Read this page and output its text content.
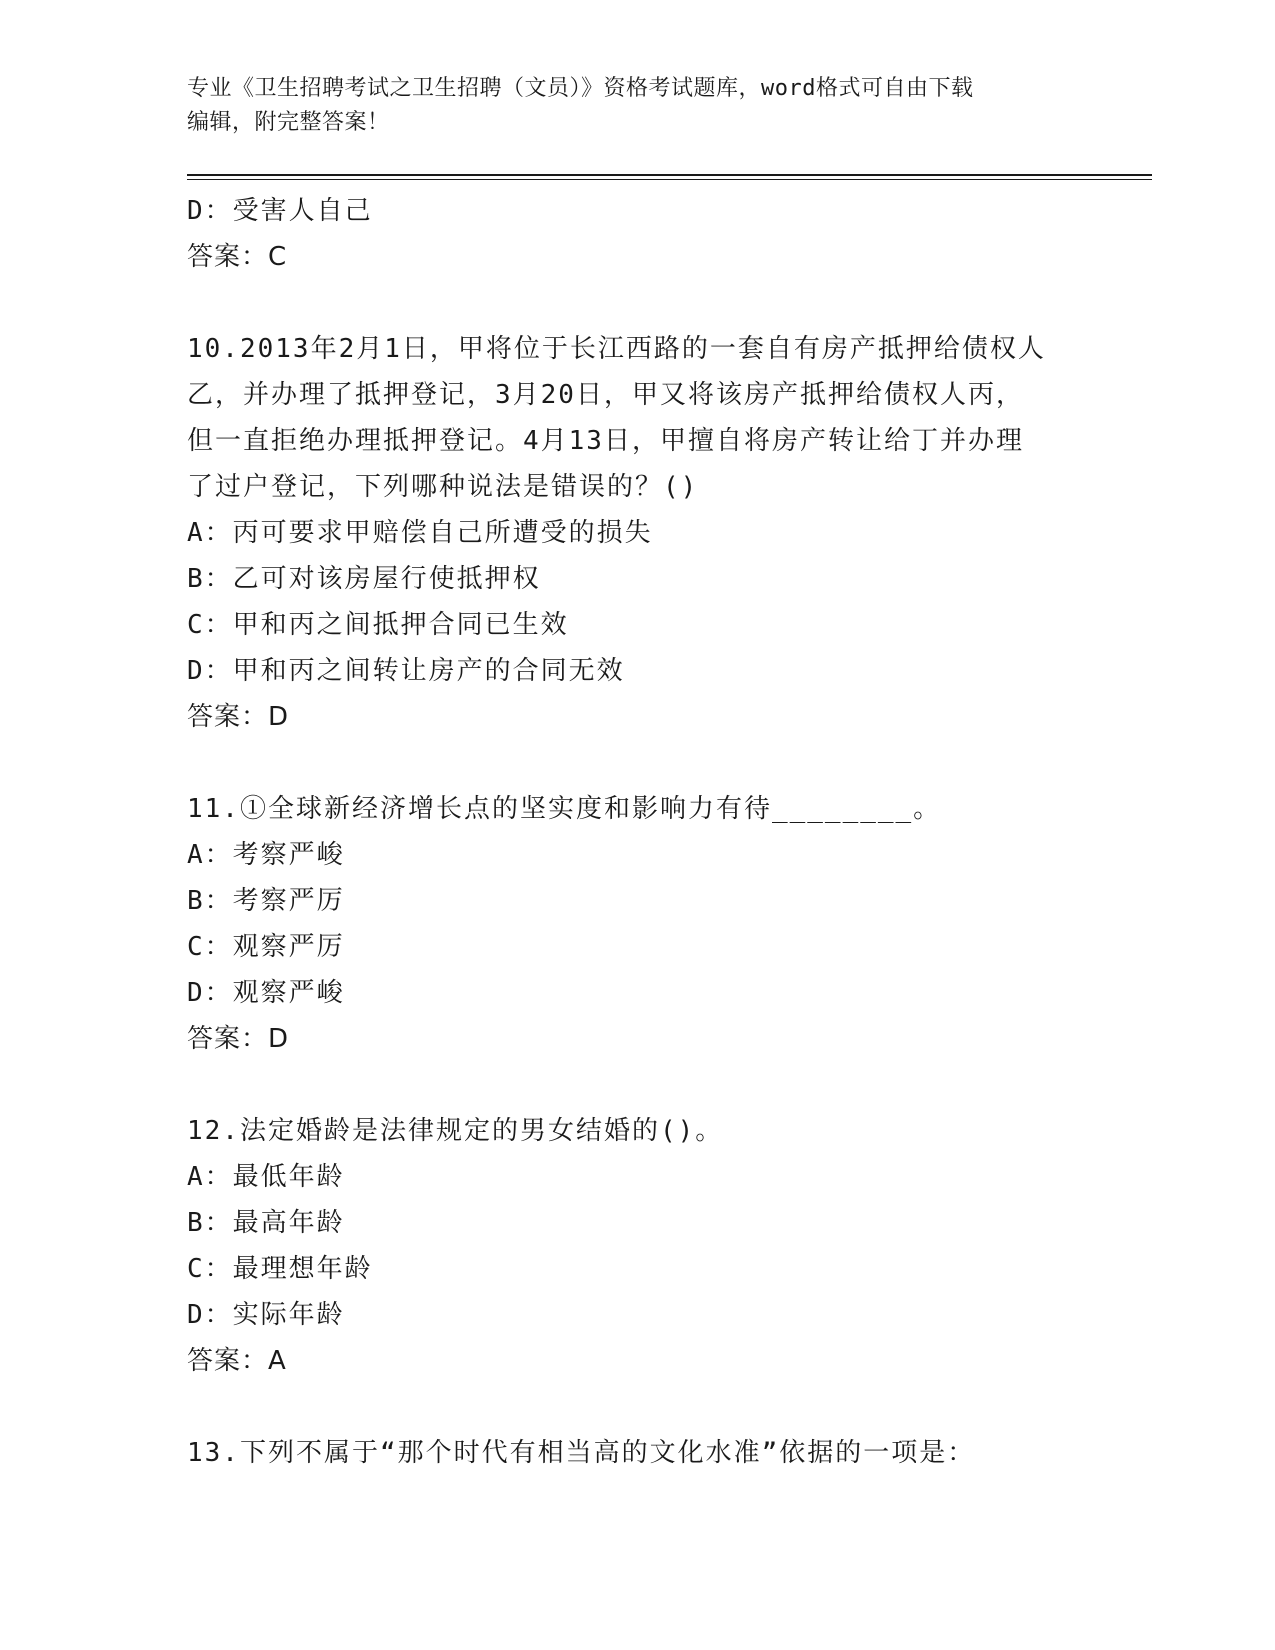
专业《卫生招聘考试之卫生招聘（文员）》资格考试题库，word格式可自由下载

编辑，附完整答案！

D：受害人自己
答案：C
10.2013年2月1日，甲将位于长江西路的一套自有房产抵押给债权人
乙，并办理了抵押登记，3月20日，甲又将该房产抵押给债权人丙，
但一直拒绝办理抵押登记。4月13日，甲擅自将房产转让给丁并办理
了过户登记，下列哪种说法是错误的？()
A：丙可要求甲赔偿自己所遭受的损失
B：乙可对该房屋行使抵押权
C：甲和丙之间抵押合同已生效
D：甲和丙之间转让房产的合同无效
答案：D
11.①全球新经济增长点的坚实度和影响力有待________。
A：考察严峻
B：考察严厉
C：观察严厉
D：观察严峻
答案：D
12.法定婚龄是法律规定的男女结婚的()。
A：最低年龄
B：最高年龄
C：最理想年龄
D：实际年龄
答案：A
13.下列不属于“那个时代有相当高的文化水准”依据的一项是：
